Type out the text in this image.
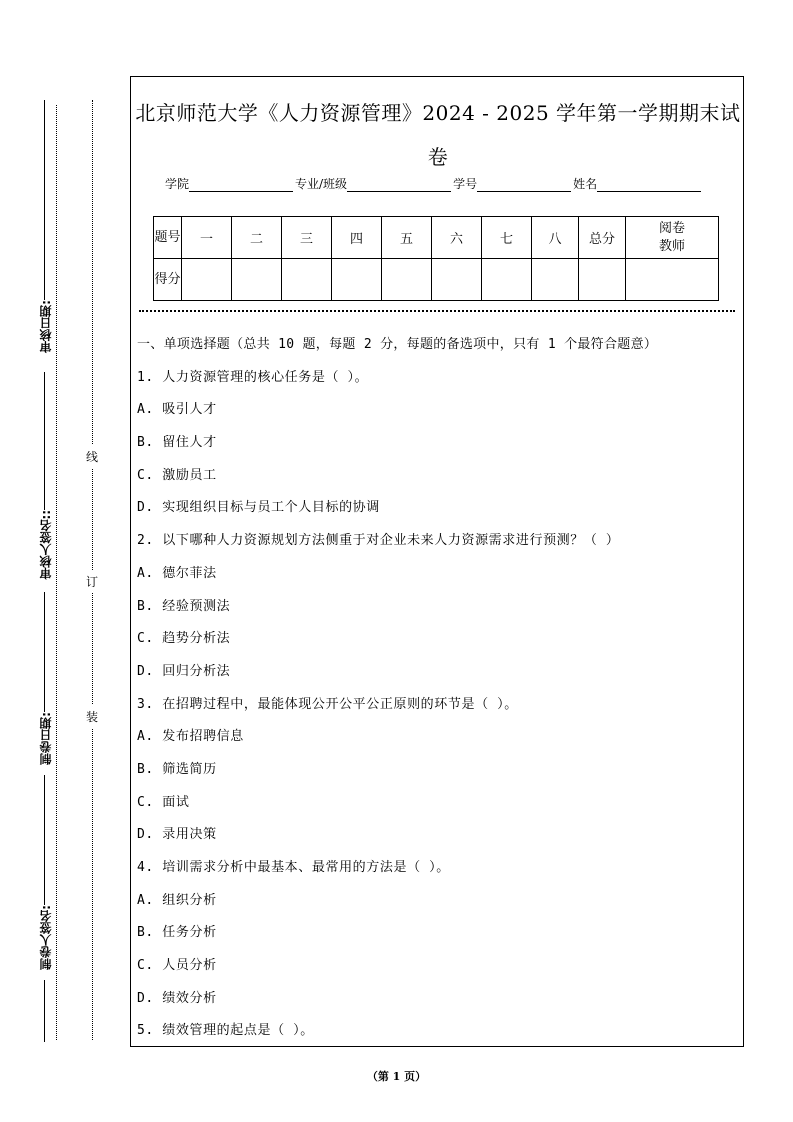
审核日期:
审核人签名::
制卷日期:
制卷人签名:
线
订
装
北京师范大学《人力资源管理》2024 - 2025 学年第一学期期末试
卷
学院	专业/班级	学号	姓名
题号	一	二	三	四	五	六	七	八	总分	阅卷教师
得分										
一、单项选择题（总共 10 题，每题 2 分，每题的备选项中，只有 1 个最符合题意）
1. 人力资源管理的核心任务是（ ）。
A. 吸引人才
B. 留住人才
C. 激励员工
D. 实现组织目标与员工个人目标的协调
2. 以下哪种人力资源规划方法侧重于对企业未来人力资源需求进行预测？（ ）
A. 德尔菲法
B. 经验预测法
C. 趋势分析法
D. 回归分析法
3. 在招聘过程中，最能体现公开公平公正原则的环节是（ ）。
A. 发布招聘信息
B. 筛选简历
C. 面试
D. 录用决策
4. 培训需求分析中最基本、最常用的方法是（ ）。
A. 组织分析
B. 任务分析
C. 人员分析
D. 绩效分析
5. 绩效管理的起点是（ ）。
（第 1 页）
